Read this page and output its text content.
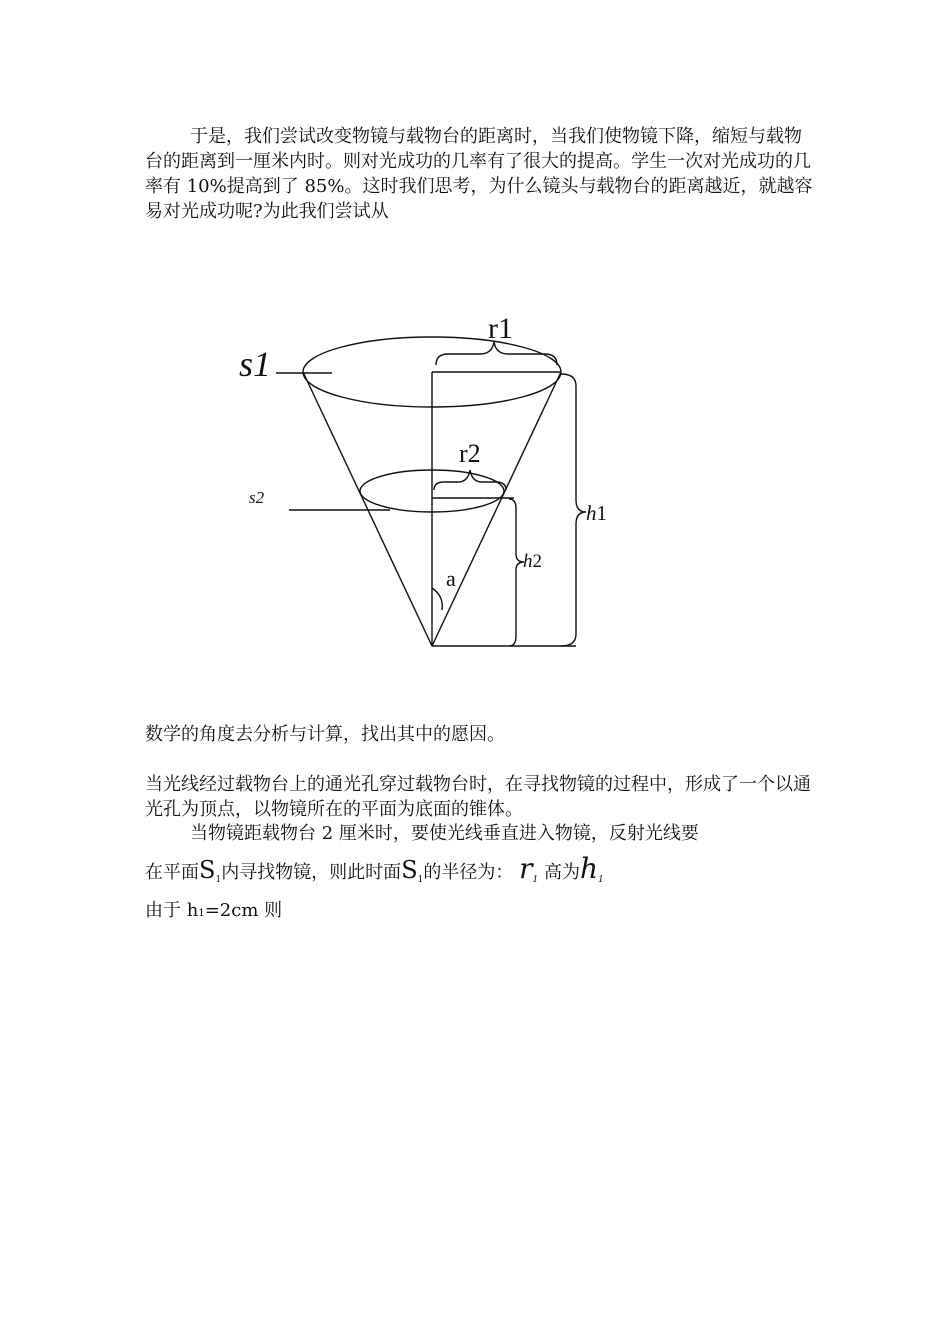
于是，我们尝试改变物镜与载物台的距离时，当我们使物镜下降，缩短与载物台的距离到一厘米内时。则对光成功的几率有了很大的提高。学生一次对光成功的几率有 10%提高到了 85%。这时我们思考，为什么镜头与载物台的距离越近，就越容易对光成功呢?为此我们尝试从

s1
s2
r1
r2
a
h1
h2

数学的角度去分析与计算，找出其中的愿因。

当光线经过载物台上的通光孔穿过载物台时，在寻找物镜的过程中，形成了一个以通光孔为顶点，以物镜所在的平面为底面的锥体。

当物镜距载物台 2 厘米时，要使光线垂直进入物镜，反射光线要

在平面$S_1$内寻找物镜，则此时面$S_1$的半径为： $r_1$ 高为$h_1$
由于 h1=2cm 则
